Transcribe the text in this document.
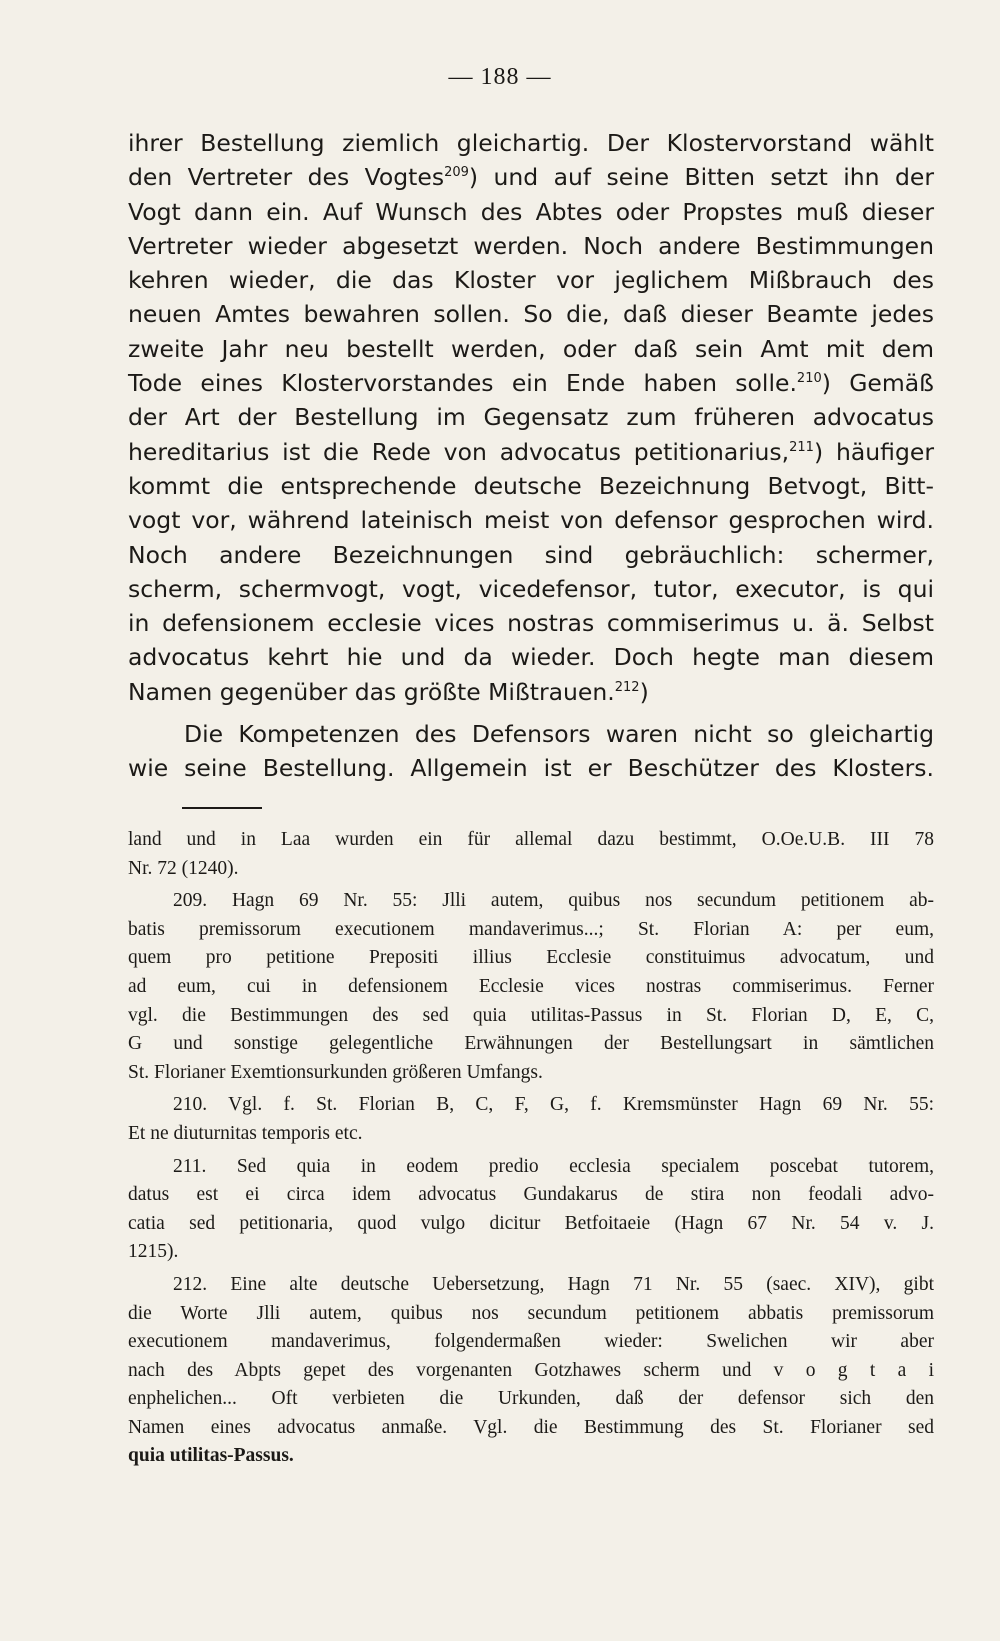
— 188 —
ihrer Bestellung ziemlich gleichartig. Der Klostervorstand wählt
den Vertreter des Vogtes$^{209}$) und auf seine Bitten setzt ihn der
Vogt dann ein. Auf Wunsch des Abtes oder Propstes muß dieser
Vertreter wieder abgesetzt werden. Noch andere Bestimmungen
kehren wieder, die das Kloster vor jeglichem Mißbrauch des
neuen Amtes bewahren sollen. So die, daß dieser Beamte jedes
zweite Jahr neu bestellt werden, oder daß sein Amt mit dem
Tode eines Klostervorstandes ein Ende haben solle.$^{210}$) Gemäß
der Art der Bestellung im Gegensatz zum früheren advocatus
hereditarius ist die Rede von advocatus petitionarius,$^{211}$) häufiger
kommt die entsprechende deutsche Bezeichnung Betvogt, Bitt-
vogt vor, während lateinisch meist von defensor gesprochen wird.
Noch andere Bezeichnungen sind gebräuchlich: schermer,
scherm, schermvogt, vogt, vicedefensor, tutor, executor, is qui
in defensionem ecclesie vices nostras commiserimus u. ä. Selbst
advocatus kehrt hie und da wieder. Doch hegte man diesem
Namen gegenüber das größte Mißtrauen.$^{212}$)
Die Kompetenzen des Defensors waren nicht so gleichartig
wie seine Bestellung. Allgemein ist er Beschützer des Klosters.
land und in Laa wurden ein für allemal dazu bestimmt, O.Oe.U.B. III 78
Nr. 72 (1240).
209. Hagn 69 Nr. 55: Jlli autem, quibus nos secundum petitionem ab-
batis premissorum executionem mandaverimus...; St. Florian A: per eum,
quem pro petitione Prepositi illius Ecclesie constituimus advocatum, und
ad eum, cui in defensionem Ecclesie vices nostras commiserimus. Ferner
vgl. die Bestimmungen des sed quia utilitas-Passus in St. Florian D, E, C,
G und sonstige gelegentliche Erwähnungen der Bestellungsart in sämtlichen
St. Florianer Exemtionsurkunden größeren Umfangs.
210. Vgl. f. St. Florian B, C, F, G, f. Kremsmünster Hagn 69 Nr. 55:
Et ne diuturnitas temporis etc.
211. Sed quia in eodem predio ecclesia specialem poscebat tutorem,
datus est ei circa idem advocatus Gundakarus de stira non feodali advo-
catia sed petitionaria, quod vulgo dicitur Betfoitaeie (Hagn 67 Nr. 54 v. J.
1215).
212. Eine alte deutsche Uebersetzung, Hagn 71 Nr. 55 (saec. XIV), gibt
die Worte Jlli autem, quibus nos secundum petitionem abbatis premissorum
executionem mandaverimus, folgendermaßen wieder: Swelichen wir aber
nach des Abpts gepet des vorgenanten Gotzhawes scherm und v o g t a i
enphelichen... Oft verbieten die Urkunden, daß der defensor sich den
Namen eines advocatus anmaße. Vgl. die Bestimmung des St. Florianer sed
quia utilitas-Passus.
